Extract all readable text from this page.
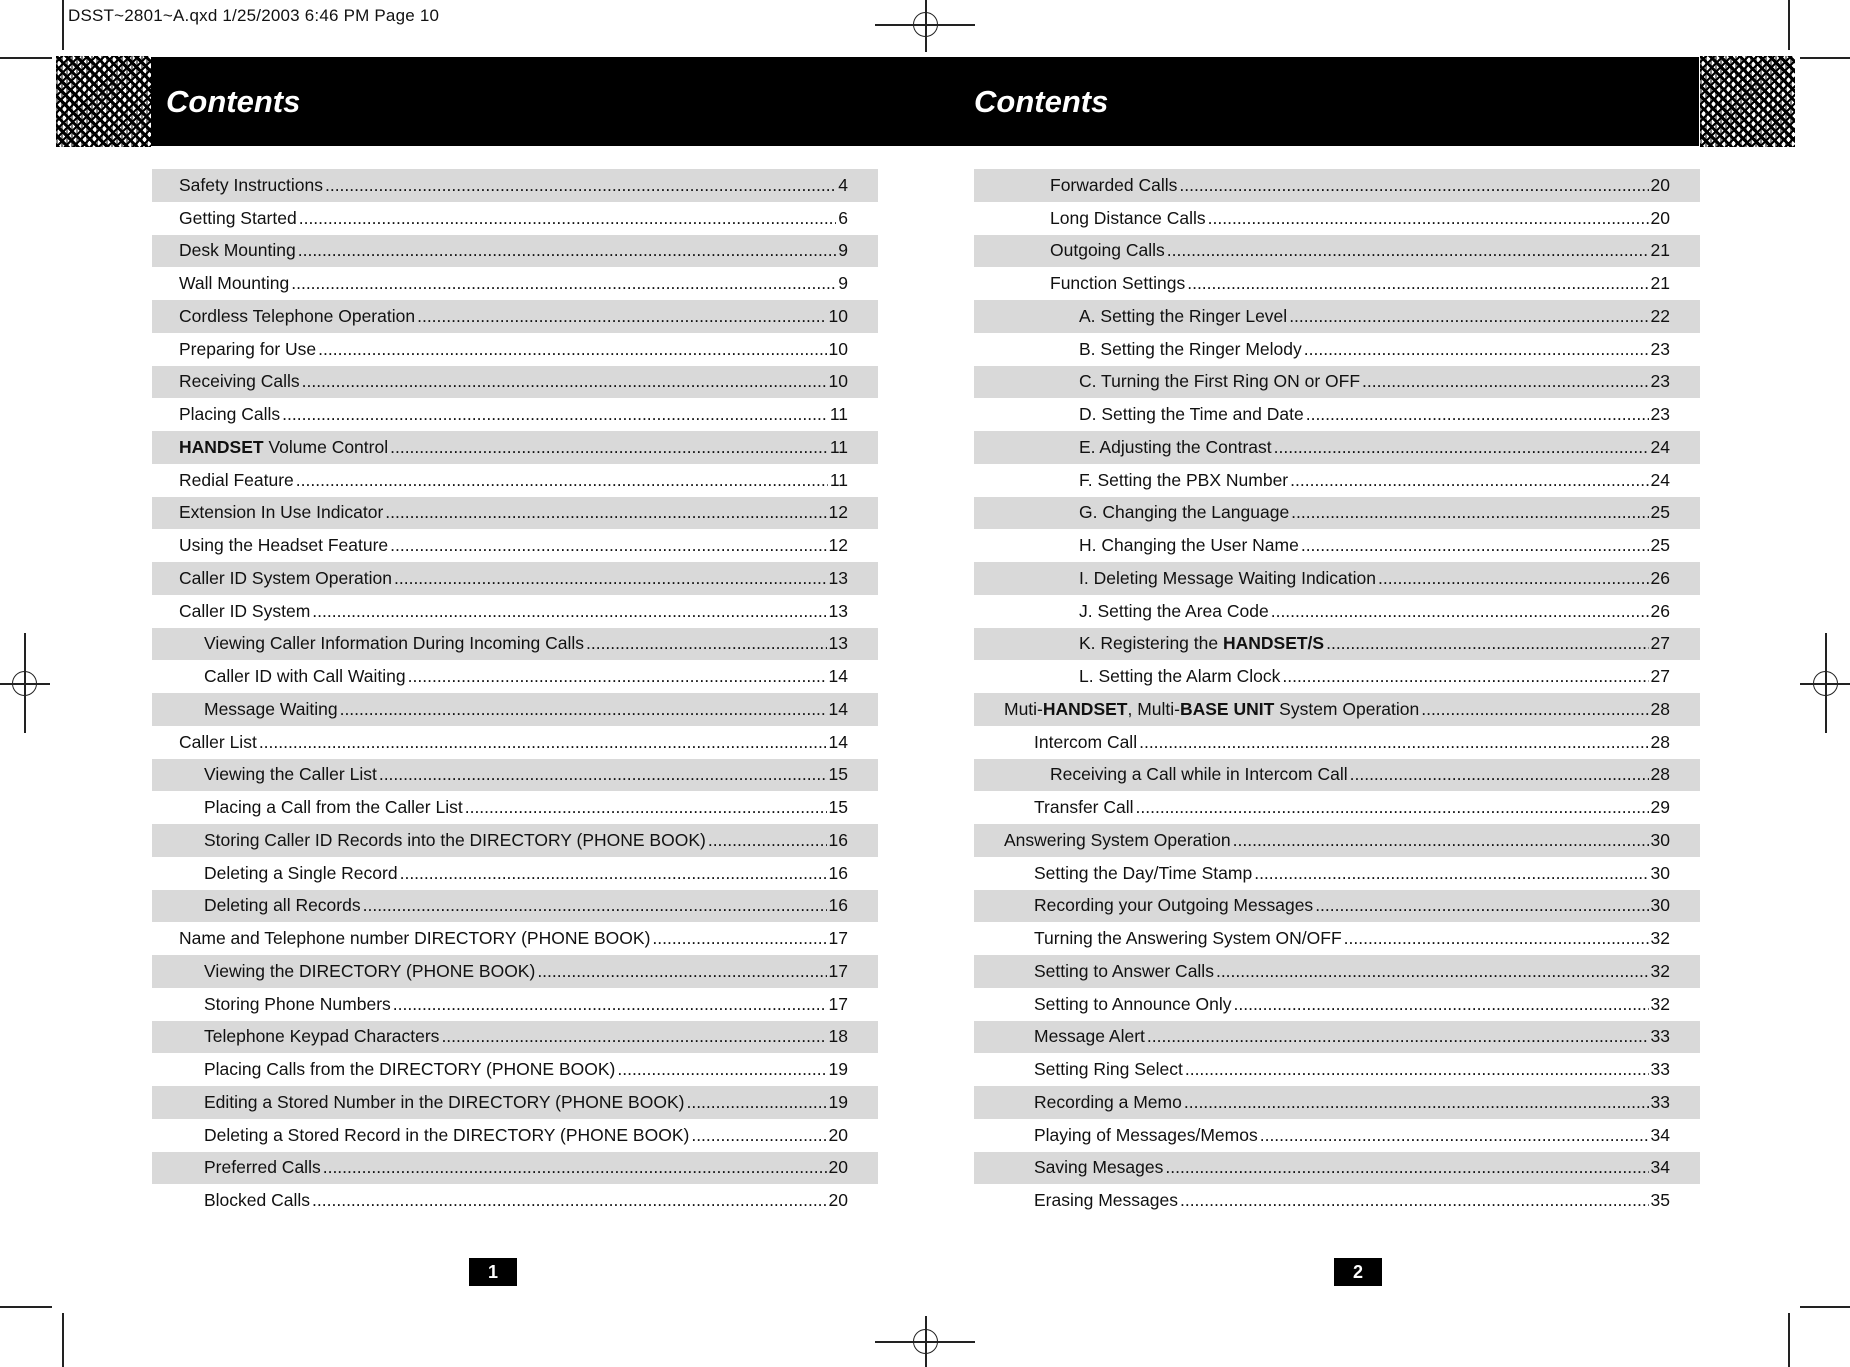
DSST~2801~A.qxd 1/25/2003 6:46 PM Page 10
Contents	Contents
Safety Instructions .....	4
Getting Started .....	6
Desk Mounting .....	9
Wall Mounting .....	9
Cordless Telephone Operation .....	10
Preparing for Use .....	10
Receiving Calls .....	10
Placing Calls .....	11
HANDSET Volume Control .....	11
Redial Feature .....	11
Extension In Use Indicator .....	12
Using the Headset Feature .....	12
Caller ID System Operation .....	13
Caller ID System .....	13
Viewing Caller Information During Incoming Calls .....	13
Caller ID with Call Waiting .....	14
Message Waiting .....	14
Caller List .....	14
Viewing the Caller List .....	15
Placing a Call from the Caller List .....	15
Storing Caller ID Records into the DIRECTORY (PHONE BOOK) .....	16
Deleting a Single Record .....	16
Deleting all Records .....	16
Name and Telephone number DIRECTORY (PHONE BOOK) .....	17
Viewing the DIRECTORY (PHONE BOOK) .....	17
Storing Phone Numbers .....	17
Telephone Keypad Characters .....	18
Placing Calls from the DIRECTORY (PHONE BOOK) .....	19
Editing a Stored Number in the DIRECTORY (PHONE BOOK) .....	19
Deleting a Stored Record in the DIRECTORY (PHONE BOOK) .....	20
Preferred Calls .....	20
Blocked Calls .....	20
Forwarded Calls .....	20
Long Distance Calls .....	20
Outgoing Calls .....	21
Function Settings .....	21
A. Setting the Ringer Level .....	22
B. Setting the Ringer Melody .....	23
C. Turning the First Ring ON or OFF .....	23
D. Setting the Time and Date .....	23
E. Adjusting the Contrast .....	24
F. Setting the PBX Number .....	24
G. Changing the Language .....	25
H. Changing the User Name .....	25
I. Deleting Message Waiting Indication .....	26
J. Setting the Area Code .....	26
K. Registering the HANDSET/S .....	27
L. Setting the Alarm Clock .....	27
Muti-HANDSET, Multi-BASE UNIT System Operation .....	28
Intercom Call .....	28
Receiving a Call while in Intercom Call .....	28
Transfer Call .....	29
Answering System Operation .....	30
Setting the Day/Time Stamp .....	30
Recording your Outgoing Messages .....	30
Turning the Answering System ON/OFF .....	32
Setting to Answer Calls .....	32
Setting to Announce Only .....	32
Message Alert .....	33
Setting Ring Select .....	33
Recording a Memo .....	33
Playing of Messages/Memos .....	34
Saving Mesages .....	34
Erasing Messages .....	35
1	2
